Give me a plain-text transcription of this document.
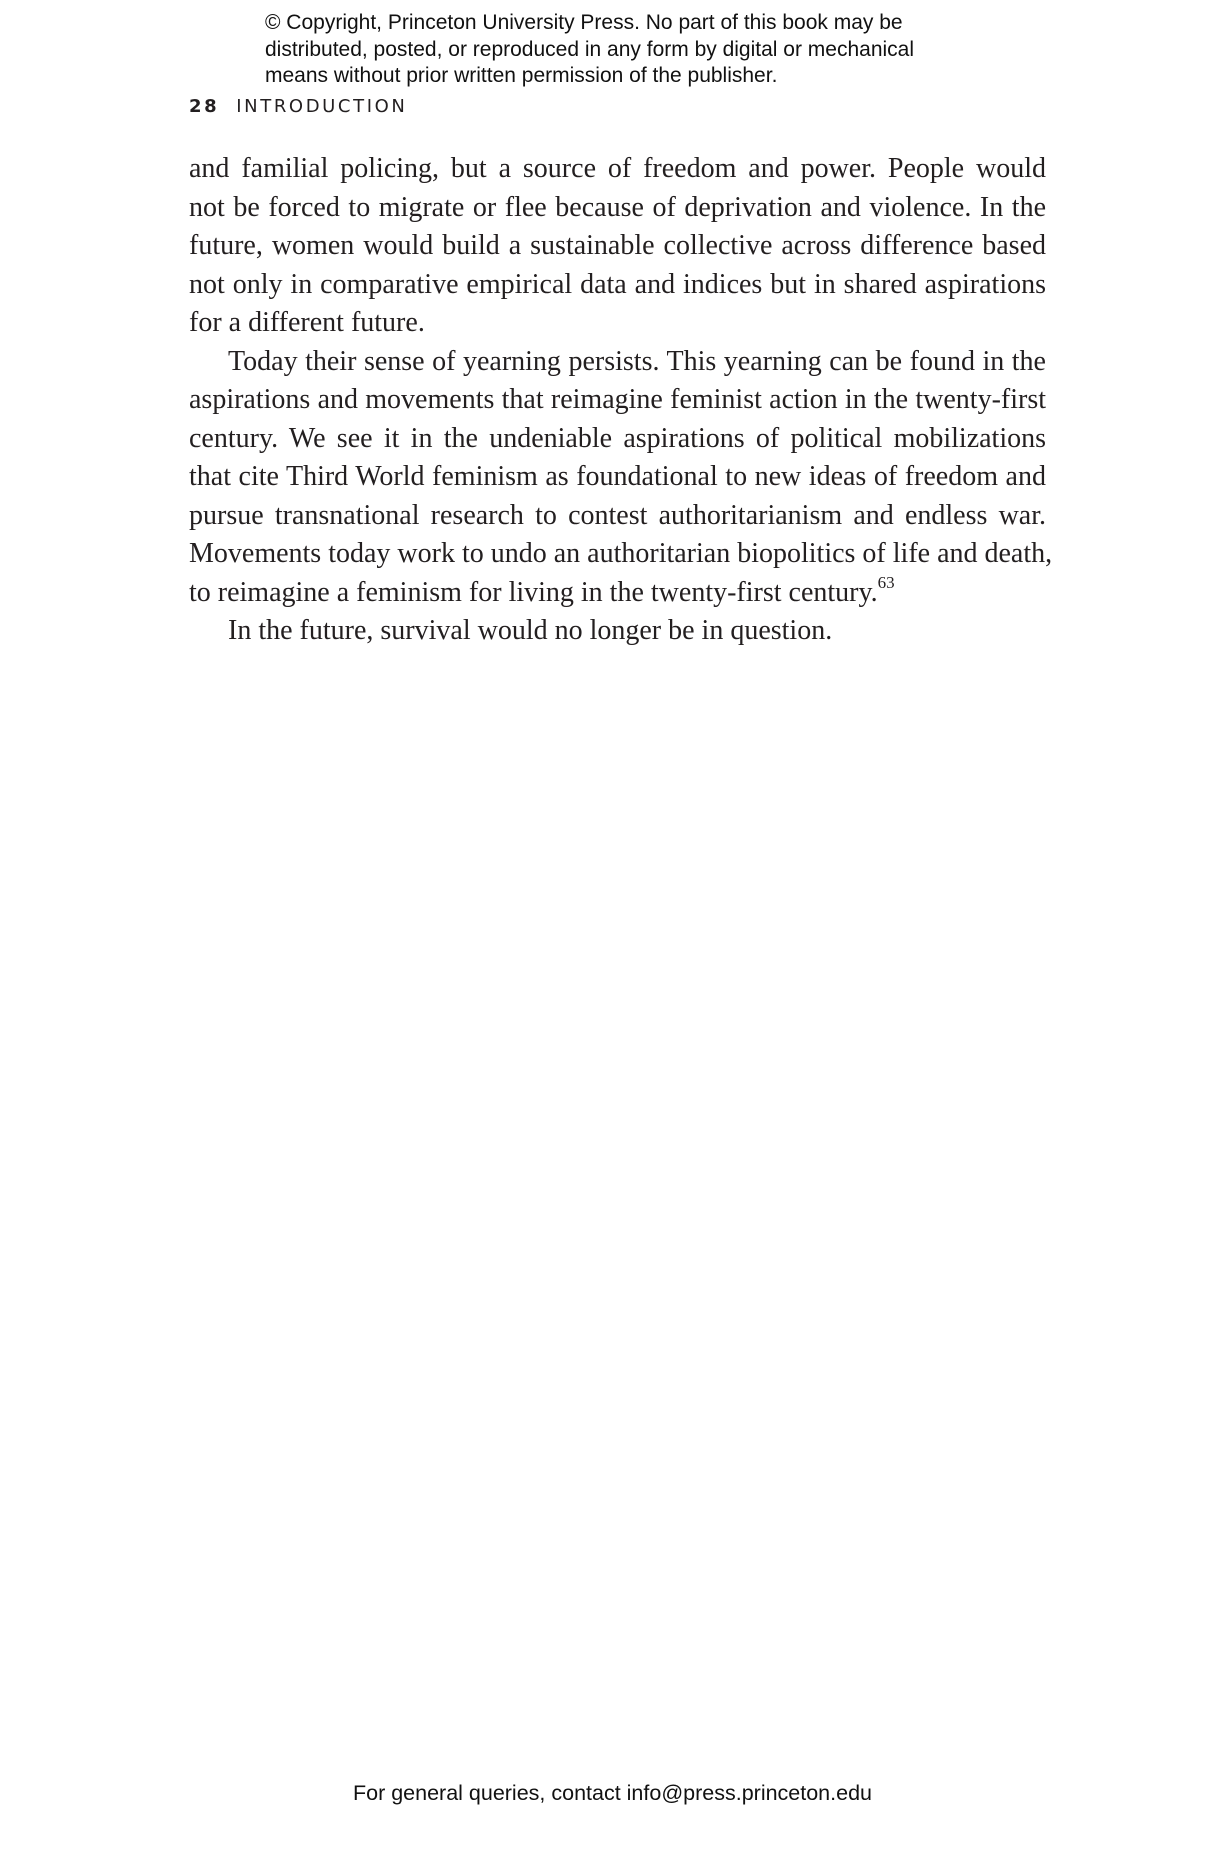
© Copyright, Princeton University Press. No part of this book may be
distributed, posted, or reproduced in any form by digital or mechanical
means without prior written permission of the publisher.
28 INTRODUCTION
and familial policing, but a source of freedom and power. People would
not be forced to migrate or flee because of deprivation and violence. In the
future, women would build a sustainable collective across difference based
not only in comparative empirical data and indices but in shared aspirations
for a different future.
Today their sense of yearning persists. This yearning can be found in the
aspirations and movements that reimagine feminist action in the twenty-first
century. We see it in the undeniable aspirations of political mobilizations
that cite Third World feminism as foundational to new ideas of freedom and
pursue transnational research to contest authoritarianism and endless war.
Movements today work to undo an authoritarian biopolitics of life and death,
to reimagine a feminism for living in the twenty-first century.$^{63}$
In the future, survival would no longer be in question.
For general queries, contact info@press.princeton.edu
